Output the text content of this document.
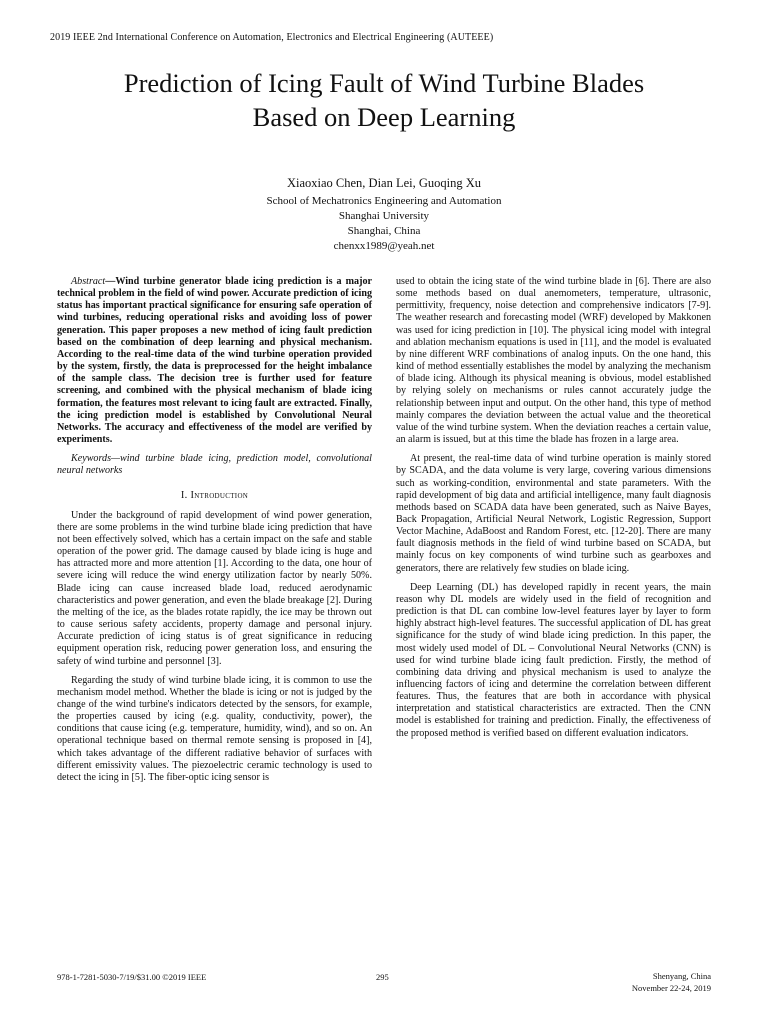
2019 IEEE 2nd International Conference on Automation, Electronics and Electrical Engineering (AUTEEE)
Prediction of Icing Fault of Wind Turbine Blades
Based on Deep Learning
Xiaoxiao Chen, Dian Lei, Guoqing Xu
School of Mechatronics Engineering and Automation
Shanghai University
Shanghai, China
chenxx1989@yeah.net

Abstract—Wind turbine generator blade icing prediction is a major technical problem in the field of wind power. Accurate prediction of icing status has important practical significance for ensuring safe operation of wind turbines, reducing operational risks and avoiding loss of power generation. This paper proposes a new method of icing fault prediction based on the combination of deep learning and physical mechanism. According to the real-time data of the wind turbine operation provided by the system, firstly, the data is preprocessed for the height imbalance of the sample class. The decision tree is further used for feature screening, and combined with the physical mechanism of blade icing formation, the features most relevant to icing fault are extracted. Finally, the icing prediction model is established by Convolutional Neural Networks. The accuracy and effectiveness of the model are verified by experiments.

Keywords—wind turbine blade icing, prediction model, convolutional neural networks

I. Introduction

Under the background of rapid development of wind power generation, there are some problems in the wind turbine blade icing prediction that have not been effectively solved, which has a certain impact on the safe and stable operation of the power grid. The damage caused by blade icing is huge and has attracted more and more attention [1]. According to the data, one hour of severe icing will reduce the wind energy utilization factor by nearly 50%. Blade icing can cause increased blade load, reduced aerodynamic characteristics and power generation, and even the blade breakage [2]. During the melting of the ice, as the blades rotate rapidly, the ice may be thrown out to cause serious safety accidents, property damage and personal injury. Accurate prediction of icing status is of great significance in reducing equipment operation risk, reducing power generation loss, and ensuring the safety of wind turbine and personnel [3].

Regarding the study of wind turbine blade icing, it is common to use the mechanism model method. Whether the blade is icing or not is judged by the change of the wind turbine's indicators detected by the sensors, for example, the properties caused by icing (e.g. quality, conductivity, power), the conditions that cause icing (e.g. temperature, humidity, wind), and so on. An operational technique based on thermal remote sensing is proposed in [4], which takes advantage of the different radiative behavior of surfaces with different emissivity values. The piezoelectric ceramic technology is used to detect the icing in [5]. The fiber-optic icing sensor is

used to obtain the icing state of the wind turbine blade in [6]. There are also some methods based on dual anemometers, temperature, ultrasonic, permittivity, frequency, noise detection and comprehensive indicators [7-9]. The weather research and forecasting model (WRF) developed by Makkonen was used for icing prediction in [10]. The physical icing model with integral and ablation mechanism equations is used in [11], and the model is evaluated by nine different WRF combinations of analog inputs. On the one hand, this kind of method essentially establishes the model by analyzing the mechanism of blade icing. Although its physical meaning is obvious, model established by relying solely on mechanisms or rules cannot accurately judge the relationship between input and output. On the other hand, this type of method mainly compares the deviation between the actual value and the theoretical value of the wind turbine system. When the deviation reaches a certain value, an alarm is issued, but at this time the blade has frozen in a large area.

At present, the real-time data of wind turbine operation is mainly stored by SCADA, and the data volume is very large, covering various dimensions such as working-condition, environmental and state parameters. With the rapid development of big data and artificial intelligence, many fault diagnosis methods based on SCADA data have been generated, such as Naive Bayes, Back Propagation, Artificial Neural Network, Logistic Regression, Support Vector Machine, AdaBoost and Random Forest, etc. [12-20]. There are many fault diagnosis methods in the field of wind turbine based on SCADA, but mainly focus on key components of wind turbine such as gearboxes and generators, there are relatively few studies on blade icing.

Deep Learning (DL) has developed rapidly in recent years, the main reason why DL models are widely used in the field of recognition and prediction is that DL can combine low-level features layer by layer to form highly abstract high-level features. The successful application of DL has great significance for the study of wind blade icing prediction. In this paper, the most widely used model of DL – Convolutional Neural Networks (CNN) is used for wind turbine blade icing fault prediction. Firstly, the method of combining data driving and physical mechanism is used to analyze the influencing factors of icing and determine the correlation between different features. Thus, the features that are both in accordance with physical interpretation and statistical characteristics are extracted. Then the CNN model is established for training and prediction. Finally, the effectiveness of the proposed method is verified based on different evaluation indicators.

978-1-7281-5030-7/19/$31.00 ©2019 IEEE	295	Shenyang, China
November 22-24, 2019
